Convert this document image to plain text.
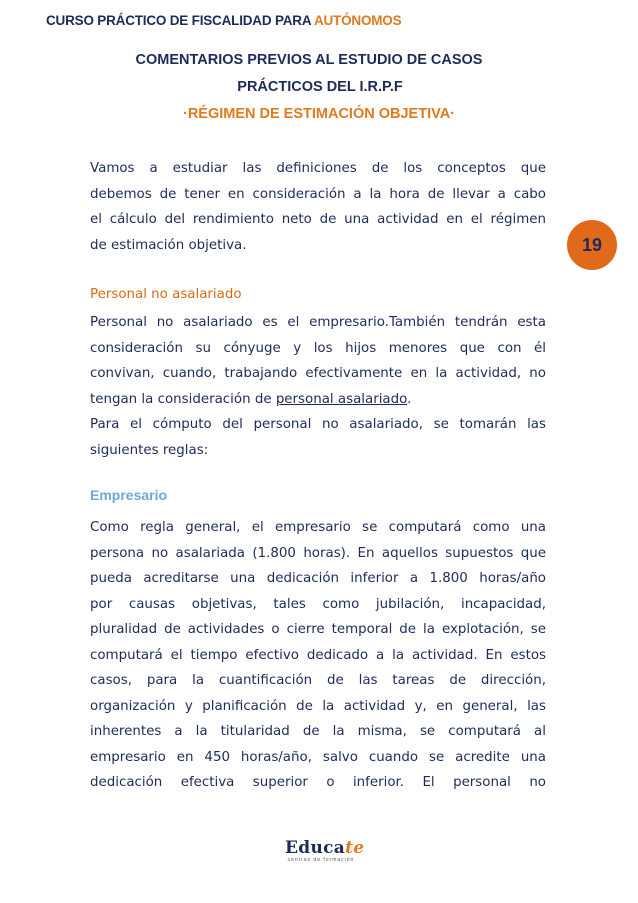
CURSO PRÁCTICO DE FISCALIDAD PARA AUTÓNOMOS
COMENTARIOS PREVIOS AL ESTUDIO DE CASOS
PRÁCTICOS DEL I.R.P.F
·RÉGIMEN DE ESTIMACIÓN OBJETIVA·
19
Vamos a estudiar las definiciones de los conceptos que
debemos de tener en consideración a la hora de llevar a cabo
el cálculo del rendimiento neto de una actividad en el régimen
de estimación objetiva.
Personal no asalariado
Personal no asalariado es el empresario.También tendrán esta
consideración su cónyuge y los hijos menores que con él
convivan, cuando, trabajando efectivamente en la actividad, no
tengan la consideración de personal asalariado.
Para el cómputo del personal no asalariado, se tomarán las
siguientes reglas:
Empresario
Como regla general, el empresario se computará como una
persona no asalariada (1.800 horas). En aquellos supuestos que
pueda acreditarse una dedicación inferior a 1.800 horas/año
por causas objetivas, tales como jubilación, incapacidad,
pluralidad de actividades o cierre temporal de la explotación, se
computará el tiempo efectivo dedicado a la actividad. En estos
casos, para la cuantificación de las tareas de dirección,
organización y planificación de la actividad y, en general, las
inherentes a la titularidad de la misma, se computará al
empresario en 450 horas/año, salvo cuando se acredite una
dedicación efectiva superior o inferior. El personal no
Educate
centros de formación
